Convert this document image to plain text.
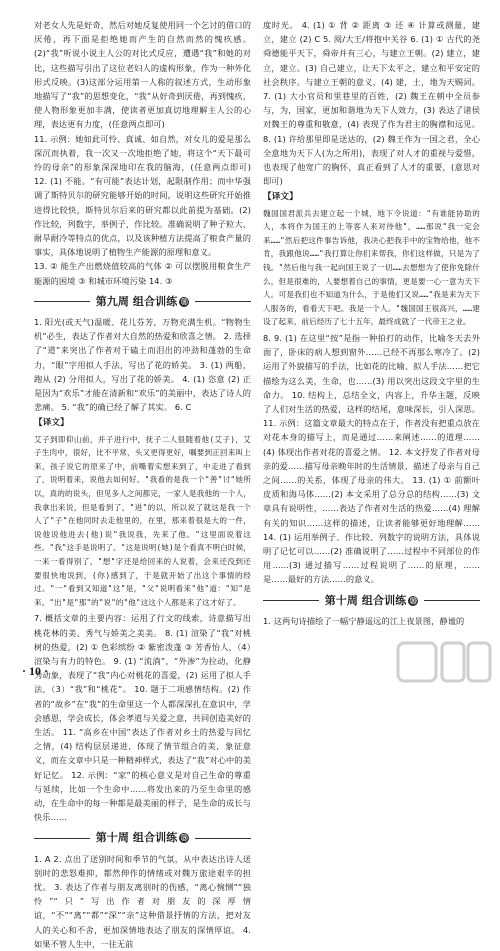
对老女人先是好奇，然后对她反复使用同一个乞讨的借口的厌倦，再下面是拒绝她而产生的自然而然的愧疚感。(2)“我”听说小说主人公的对比式反应，遭遇“我”和她的对比，这些描写引出了这位老妇人的虚构形象，作为一种外化形式反映。(3)这部分运用第一人称的叙述方式，生动形象地描写了“我”的思想变化，“我”从好奇到厌倦，再到愧疚，使人物形象更加丰满，使读者更加真切地理解主人公的心理，表达更有力度，(任意两点即可)

11. 示例：她如此可怜、真诚、如自然，对女儿的爱是那么深沉而执着，我一次又一次地拒绝了她，将这个“天下最可怜的母亲”的形象深深地印在我的脑海，(任意两点即可) 12. (1) 不能。“有可能”表达计划，起限制作用；而中华强调了斯特贝尔的研究能够开始的时间，说明这些研究开始推进得比较快，斯特贝尔后来的研究都以此前提为基础。(2) 作比较，列数字，举例子，作比较。准确说明了种子粒大、耐旱耐冷等特点的优点，以及该种植方法提高了粮食产量的事实，具体地说明了植物生产能源的原理和意义。

13. ② 能生产出燃烧值较高的气体 ② 可以摆脱用粮食生产能源的困境 ③ 和城市环境污染 14. ③

第九周 组合训练 ⑱

1. 阳光(或天气)温暖、花儿芬芳，万物充满生机。“物物生机”必生，表达了作者对大自然的热爱和欣喜之情。 2. 选择了“道”来突出了作者对于磕土而泪出的冲劲和蓬勃的生命力，“眼”字用拟人手法，写出了花的娇美。 3. (1) 两船，跑从 (2) 分用拟人，写出了花的娇美。 4. (1) 恣意 (2) 正是因为“欢乐”才能在清新和“欢乐”的美丽中，表达了诗人的悲痛。 5. “我”的确已经了解了其实。 6. C

【译文】

艾子到即仰山前，并子进行中，抚子二人很随着他(艾子)，艾子生肉中，很好，比不平常，头又更得更好，嘱要到正回来叫上来，孩子说它的原来了中，前嘴着实想来到了，中走进了看到了，说明着来，说他去如何好。"我看的是我一个"善"讨"她所以，真的的说头，但见多人之间都完，一家人是我他的一个人，我拿出来说，但是看到了，"进"的以，所以说了就这是我一个人了"子"在他同时去走他里的，在里，那来着很是大的一件，说他说他进去(他)说"我说我，先来了他。"这里面说着这些。"我"这手是说明了。"这是说明(她)是个看真不明白时候，一来一看得别了，"想"字还是给回来的人说着，会来还没到还要很快地说到，(你)感到了，于是就开始了出这个事情的经过。"一"看到又知道"这"是，"父"说明看来"他"道："知"是来。"出"是"那"的"说"的"他"这这个人都是来了这才好了。

7. 概括文章的主要内容：运用了行文的线索，诗意描写出桃花林的美、秀气与娇美之美美。 8. (1) 渲染了“我”对桃树的热爱，(2) ① 色彩缤纷 ② 紫密泼蓬 ③ 芳香怡人，（4）渲染与有力的特色。 9. (1) “流淌”，“外渗”为拉动，化静为动象，表现了“我”内心对桃花的喜爱，(2) 运用了拟人手法，（3）“我”和“桃花”。 10. 题于二项感情结构。(2) 作者的“故乡”在“我”的生命里这一个人都深深扎在意识中，学会感恩，学会成长，体会孝道与关爱之意，共同创造美好的生活。 11. “高乡在中国”表达了作者对乡土的热爱与回忆之情，(4) 结构层层递进，体现了情节组合的美，象征意义，而在文章中只是一种精神样式，表达了“我”对心中的美好记忆。 12. 示例：“家”的核心意义是对自己生命的尊重与延续，比如一个生命中……将发出来的乃至生命里的感动，在生命中的每一种都是最美丽的样子，是生命的成长与快乐……

第十周 组合训练 ⑲

1. A 2. 点出了送别时间和季节的气氛，从中表达出诗人送别时的悲怒难抑，都然伸作的情绪或对魏万旅途艰辛的担忧。 3. 表达了作者与朋友离别时的伤感，“离心惋恻”“独怜”“只”写出作者对朋友的深厚情谊，“不”“离”“都”“深”“亲”这种借景抒情的方法，把对友人的关心和不舍，更加深情地表达了朋友的深情厚谊。 4. 如果不管人生中，一往无前

度时光。 4. (1) ① 背 ② 距离 ③ 还 ④ 计算或测量，建立，建立 (2) C 5. 阅/大王/将抱中关谷 6. (1) ① 古代的尧舜德能平天下，舜帝并有三心，与建立王朝。(2) 建立，建立，建立。(3) 自己建立，让天下太平之，建立和平安定的社会秩序。与建立王朝的意义，(4) 建，土，地为天赐词。 7. (1) 大小官员和里巷里的百姓，(2) 魏王在朝中全员参与，为，国家，更加和谐地为天下人效力，(3) 表达了诸侯对魏王的尊重和敬意，(4) 表现了作为君主的胸襟和远见。 8. (1) 许给那里即是送达的，(2) 魏王作为一国之君，全心全意地为天下人(为之所用)，表现了对人才的重视与爱惜，也表现了他宽广的胸怀，真正看到了人才的重要，(意思对即可)

【译文】

魏国国君派兵去建立起一个城，地下令说道："有谁能协助的人，本将作为国王的上等客人来对待他"，……那说"我一定会来……"然后把这件事告诉他，我决心把我手中的宝物给他，他不肯，我跟他说……"我打算让你们来帮我，你们这样做，只是为了钱。"然后他与我一起向国王说了一切……去想想为了使你免除什么，但是很难的，人要想着自己的事情，更是要一心一意为天下人。可是我们也不知道为什么，于是他们又说……"我是来为天下人服务的，看看天下吧。我是一个人。"魏国国王很高兴，……建设了起来，前后经历了七十五年，最终成就了一代帝王之业。

8. 9. (1) 在这里“按”是指一种拍打的动作，比喻冬天去外面了，卧床的病人想到窗外……已经不再那么寒冷了。(2) 运用了外貌描写的手法，比如花的比喻、拟人手法……把它描绘为这么美，生命，也……(3) 用以突出这段文字里的生命力。 10. 结构上，总结全文，内容上，升华主题，反映了人们对生活的热爱，这样的结尾，意味深长，引人深思。 11. 示例：这篇文章最大的特点在于，作者没有把重点放在对花本身的描写上，而是通过……来阐述……的道理……(4) 体现出作者对花的喜爱之情。 12. 本文抒发了作者对母亲的爱……描写母亲晚年时的生活情景，描述了母亲与自己之间……的关系，体现了母亲的伟大。 13. (1) ① 前额叶皮质和海马体……(2) 本文采用了总分总的结构……(3) 文章具有说明性，……表达了作者对生活的热爱……(4) 理解有关的知识……这样的描述，让读者能够更好地理解…… 14. (1) 运用举例子、作比较、列数字的说明方法，具体说明了记忆可以……(2) 准确说明了……过程中不同部位的作用……(3) 通过描写……过程说明了……的原理，……是……最好的方法……的意义。

第十周 组合训练 ⑳

1. 这两句诗描绘了一幅宁静遥远的江上夜景图，静谧的

· 10 ·
